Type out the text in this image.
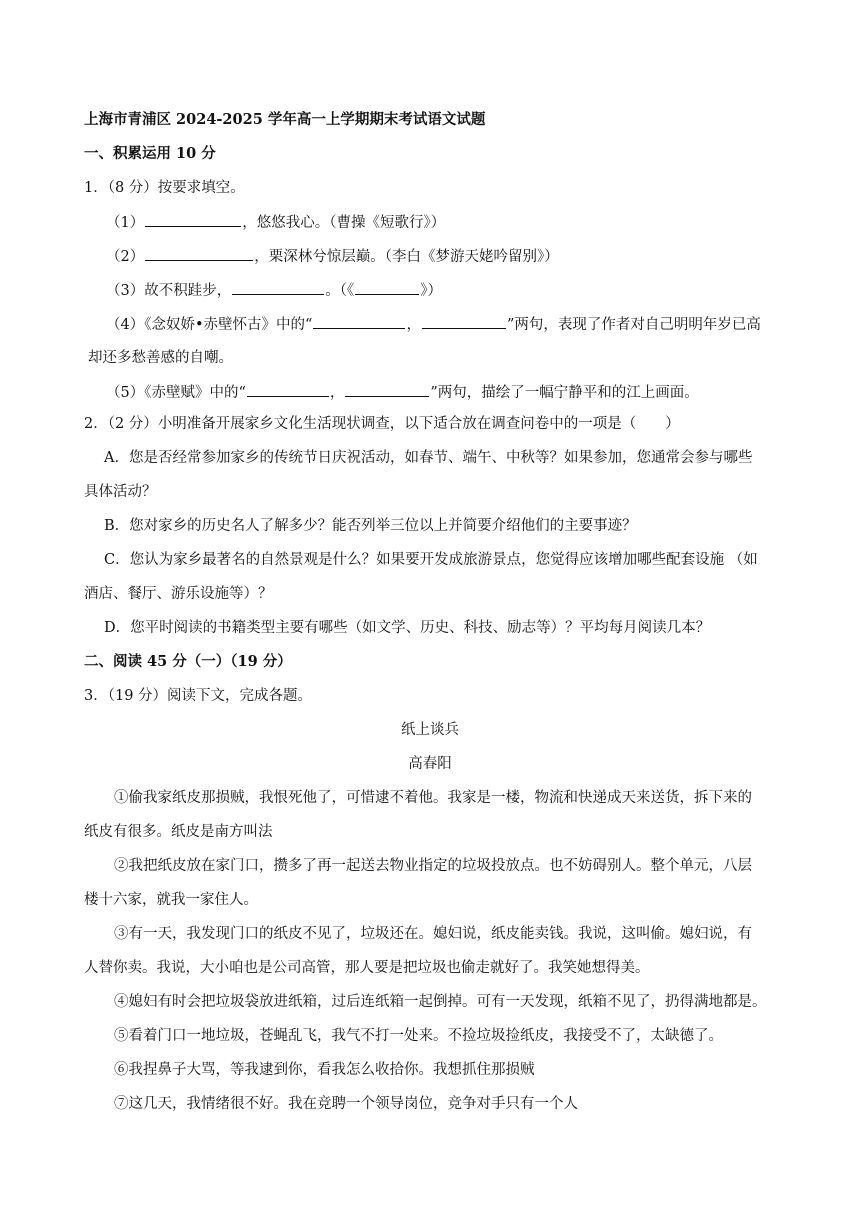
上海市青浦区 2024-2025 学年高一上学期期末考试语文试题
一、积累运用 10 分
1．（8 分）按要求填空。
（1）	，悠悠我心。（曹操《短歌行》）
（2）	，栗深林兮惊层巅。（李白《梦游天姥吟留别》）
（3）故不积跬步，	。（《	》）
（4）《念奴娇•赤壁怀古》中的“	，	”两句，表现了作者对自己明明年岁已高
却还多愁善感的自嘲。
（5）《赤壁赋》中的“	，	”两句，描绘了一幅宁静平和的江上画面。
2．（2 分）小明准备开展家乡文化生活现状调查，以下适合放在调查问卷中的一项是（　　）
A．您是否经常参加家乡的传统节日庆祝活动，如春节、端午、中秋等？如果参加，您通常会参与哪些
具体活动？
B．您对家乡的历史名人了解多少？能否列举三位以上并简要介绍他们的主要事迹？
C．您认为家乡最著名的自然景观是什么？如果要开发成旅游景点，您觉得应该增加哪些配套设施 （如
酒店、餐厅、游乐设施等）？
D．您平时阅读的书籍类型主要有哪些（如文学、历史、科技、励志等）？平均每月阅读几本？
二、阅读 45 分（一）（19 分）
3．（19 分）阅读下文，完成各题。
纸上谈兵
高春阳
①偷我家纸皮那损贼，我恨死他了，可惜逮不着他。我家是一楼，物流和快递成天来送货，拆下来的
纸皮有很多。纸皮是南方叫法
②我把纸皮放在家门口，攒多了再一起送去物业指定的垃圾投放点。也不妨碍别人。整个单元，八层
楼十六家，就我一家住人。
③有一天，我发现门口的纸皮不见了，垃圾还在。媳妇说，纸皮能卖钱。我说，这叫偷。媳妇说，有
人替你卖。我说，大小咱也是公司高管，那人要是把垃圾也偷走就好了。我笑她想得美。
④媳妇有时会把垃圾袋放进纸箱，过后连纸箱一起倒掉。可有一天发现，纸箱不见了，扔得满地都是。
⑤看着门口一地垃圾，苍蝇乱飞，我气不打一处来。不捡垃圾捡纸皮，我接受不了，太缺德了。
⑥我捏鼻子大骂，等我逮到你，看我怎么收拾你。我想抓住那损贼
⑦这几天，我情绪很不好。我在竞聘一个领导岗位，竞争对手只有一个人
